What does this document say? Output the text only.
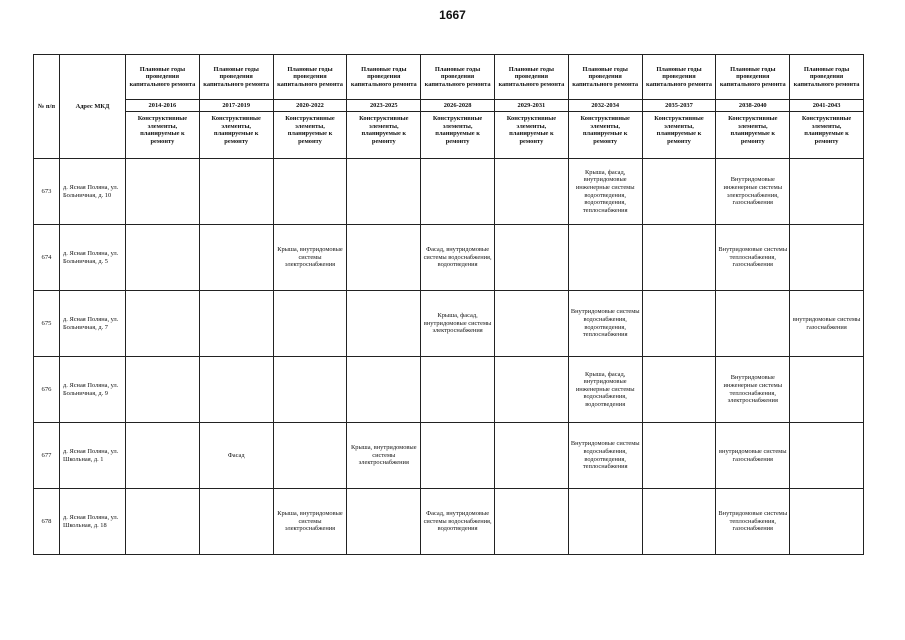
1667
№ п/п	Адрес МКД	Плановые годы проведения капитального ремонта	Плановые годы проведения капитального ремонта	Плановые годы проведения капитального ремонта	Плановые годы проведения капитального ремонта	Плановые годы проведения капитального ремонта	Плановые годы проведения капитального ремонта	Плановые годы проведения капитального ремонта	Плановые годы проведения капитального ремонта	Плановые годы проведения капитального ремонта	Плановые годы проведения капитального ремонта
		2014-2016	2017-2019	2020-2022	2023-2025	2026-2028	2029-2031	2032-2034	2035-2037	2038-2040	2041-2043
		Конструктивные элементы, планируемые к ремонту	Конструктивные элементы, планируемые к ремонту	Конструктивные элементы, планируемые к ремонту	Конструктивные элементы, планируемые к ремонту	Конструктивные элементы, планируемые к ремонту	Конструктивные элементы, планируемые к ремонту	Конструктивные элементы, планируемые к ремонту	Конструктивные элементы, планируемые к ремонту	Конструктивные элементы, планируемые к ремонту	Конструктивные элементы, планируемые к ремонту
673	д. Ясная Поляна, ул. Больничная, д. 10							Крыша, фасад, внутридомовые инженерные системы водоотведения, водоотведения, теплоснабжения		Внутридомовые инженерные системы электроснабжения, газоснабжения	
674	д. Ясная Поляна, ул. Больничная, д. 5			Крыша, внутридомовые системы электроснабжения		Фасад, внутридомовые системы водоснабжения, водоотведения				Внутридомовые системы теплоснабжения, газоснабжения	
675	д. Ясная Поляна, ул. Больничная, д. 7					Крыша, фасад, внутридомовые системы электроснабжения		Внутридомовые системы водоснабжения, водоотведения, теплоснабжения			внутридомовые системы газоснабжения
676	д. Ясная Поляна, ул. Больничная, д. 9							Крыша, фасад, внутридомовые инженерные системы водоснабжения, водоотведения		Внутридомовые инженерные системы теплоснабжения, электроснабжения	
677	д. Ясная Поляна, ул. Школьная, д. 1		Фасад		Крыша, внутридомовые системы электроснабжения			Внутридомовые системы водоснабжения, водоотведения, теплоснабжения		внутридомовые системы газоснабжения	
678	д. Ясная Поляна, ул. Школьная, д. 18			Крыша, внутридомовые системы электроснабжения		Фасад, внутридомовые системы водоснабжения, водоотведения				Внутридомовые системы теплоснабжения, газоснабжения	
